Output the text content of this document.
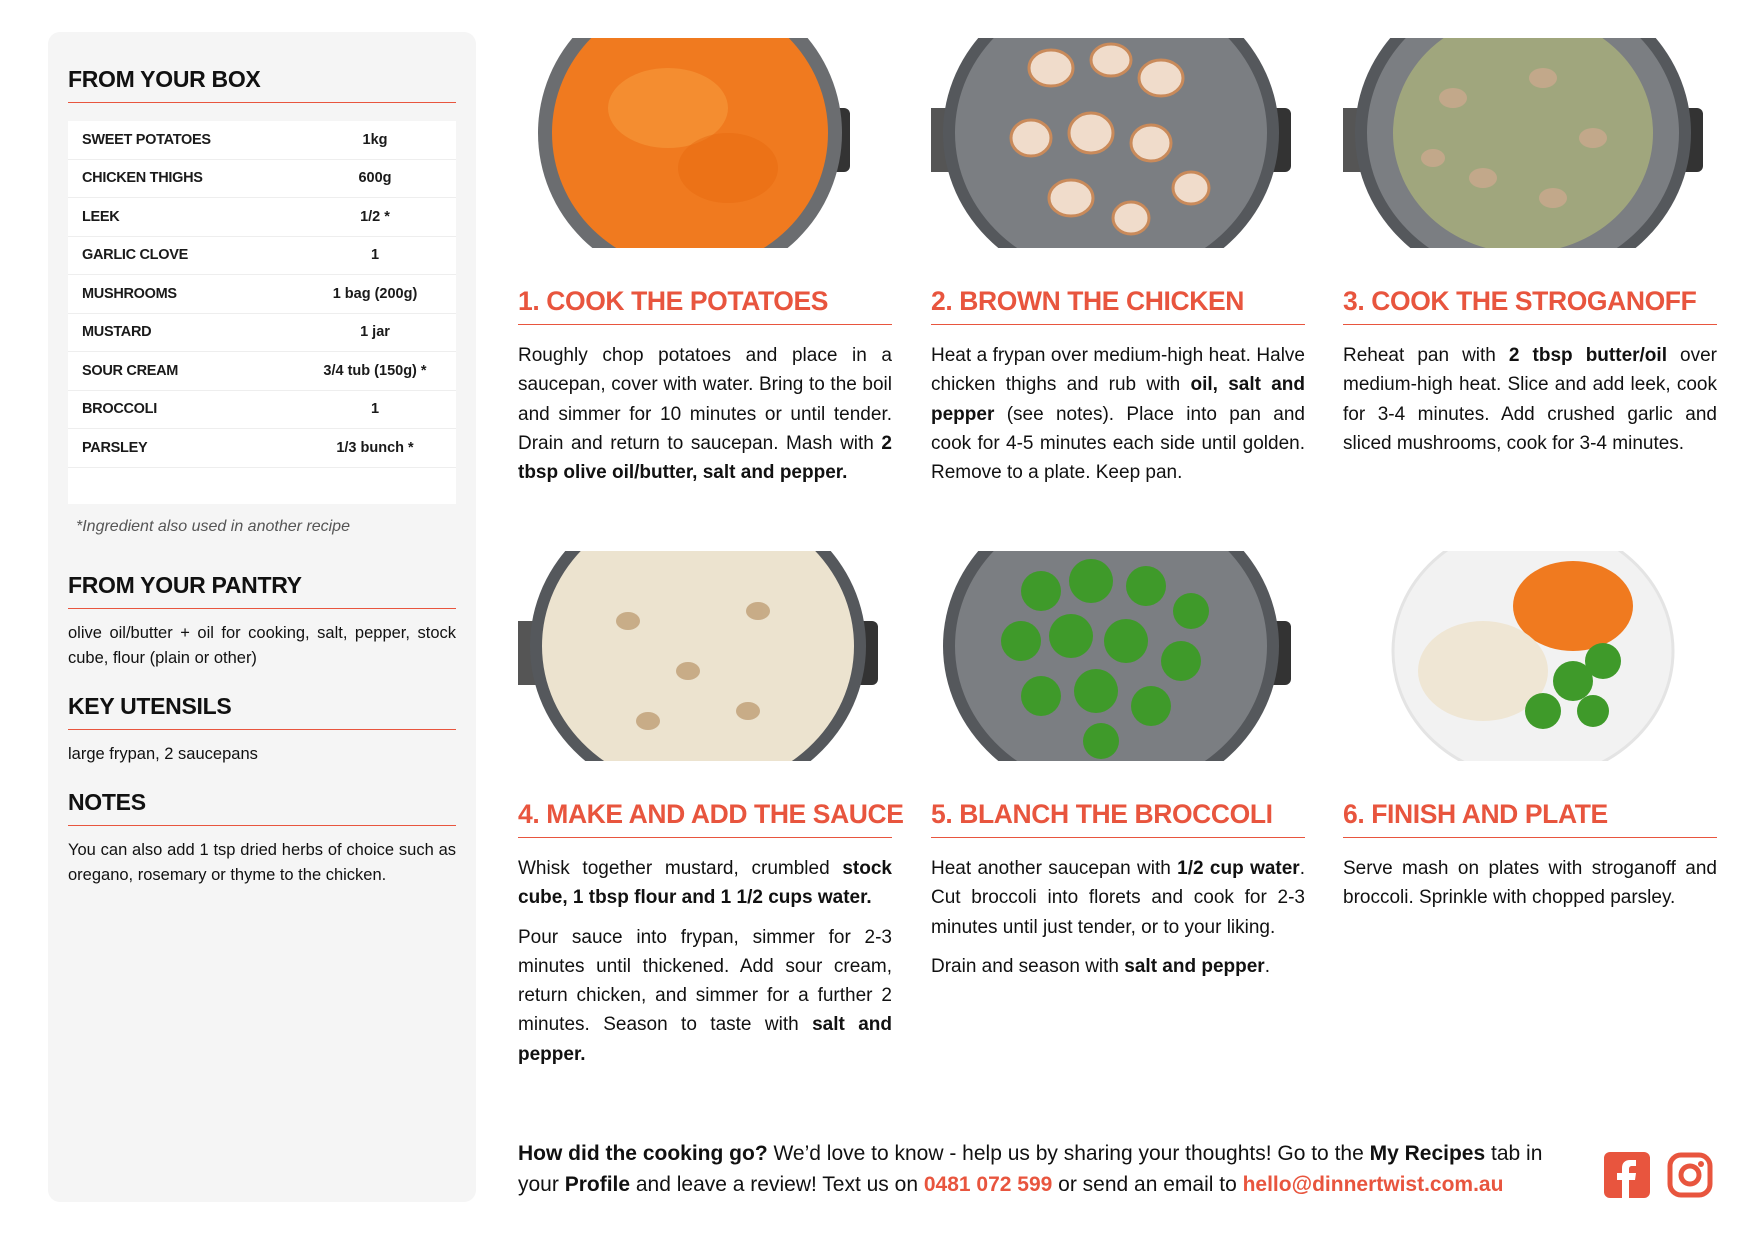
FROM YOUR BOX
SWEET POTATOES	1kg
CHICKEN THIGHS	600g
LEEK	1/2 *
GARLIC CLOVE	1
MUSHROOMS	1 bag (200g)
MUSTARD	1 jar
SOUR CREAM	3/4 tub (150g) *
BROCCOLI	1
PARSLEY	1/3 bunch *

*Ingredient also used in another recipe
FROM YOUR PANTRY
olive oil/butter + oil for cooking, salt, pepper, stock cube, flour (plain or other)
KEY UTENSILS
large frypan, 2 saucepans
NOTES
You can also add 1 tsp dried herbs of choice such as oregano, rosemary or thyme to the chicken.
1. COOK THE POTATOES

Roughly chop potatoes and place in a saucepan, cover with water. Bring to the boil and simmer for 10 minutes or until tender. Drain and return to saucepan. Mash with 2 tbsp olive oil/butter, salt and pepper.

2. BROWN THE CHICKEN

Heat a frypan over medium-high heat. Halve chicken thighs and rub with oil, salt and pepper (see notes). Place into pan and cook for 4-5 minutes each side until golden. Remove to a plate. Keep pan.

3. COOK THE STROGANOFF

Reheat pan with 2 tbsp butter/oil over medium-high heat. Slice and add leek, cook for 3-4 minutes. Add crushed garlic and sliced mushrooms, cook for 3-4 minutes.

4. MAKE AND ADD THE SAUCE

Whisk together mustard, crumbled stock cube, 1 tbsp flour and 1 1/2 cups water.

Pour sauce into frypan, simmer for 2-3 minutes until thickened. Add sour cream, return chicken, and simmer for a further 2 minutes. Season to taste with salt and pepper.

5. BLANCH THE BROCCOLI

Heat another saucepan with 1/2 cup water. Cut broccoli into florets and cook for 2-3 minutes until just tender, or to your liking.

Drain and season with salt and pepper.

6. FINISH AND PLATE

Serve mash on plates with stroganoff and broccoli. Sprinkle with chopped parsley.

How did the cooking go? We’d love to know - help us by sharing your thoughts! Go to the My Recipes tab in your Profile and leave a review! Text us on 0481 072 599 or send an email to hello@dinnertwist.com.au
